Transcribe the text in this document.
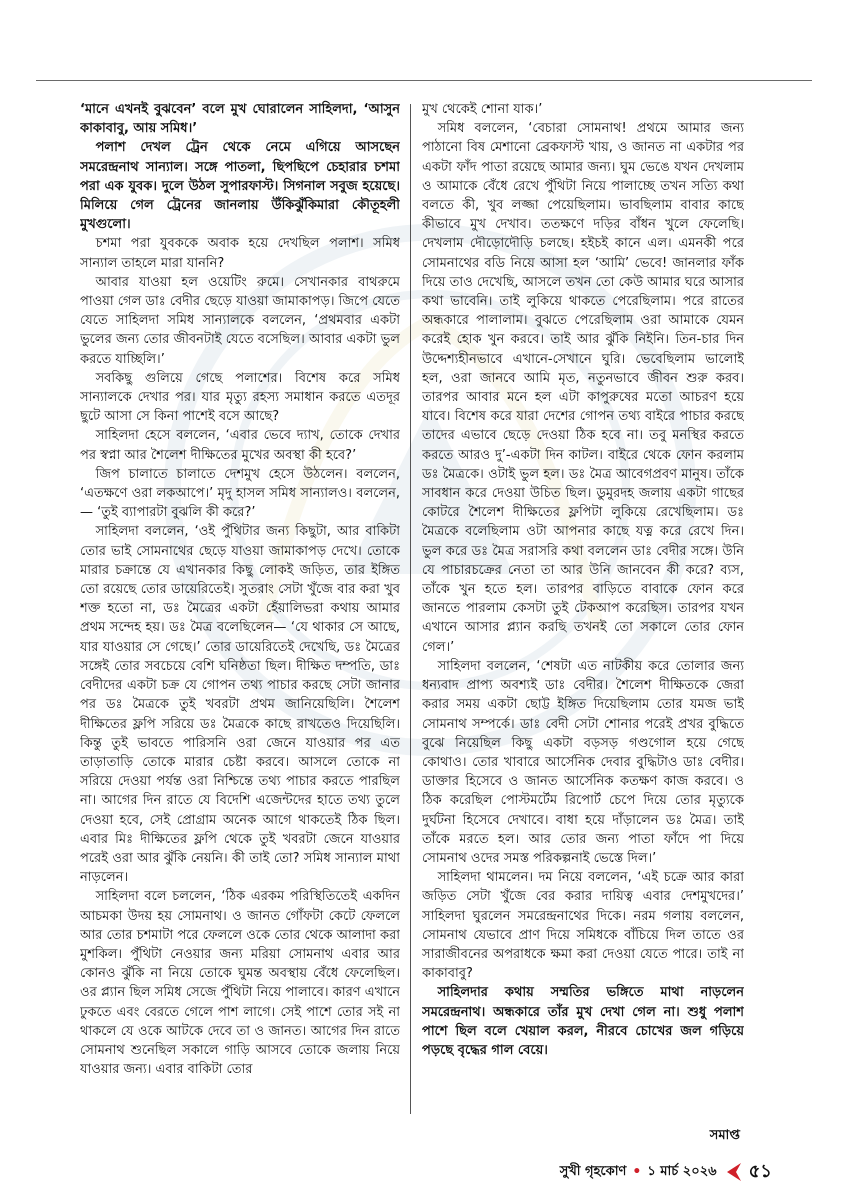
‘মানে এখনই বুঝবেন’ বলে মুখ ঘোরালেন সাহিলদা, ‘আসুন কাকাবাবু, আয় সমিধ।’

পলাশ দেখল ট্রেন থেকে নেমে এগিয়ে আসছেন সমরেন্দ্রনাথ সান্যাল। সঙ্গে পাতলা, ছিপছিপে চেহারার চশমা পরা এক যুবক। দুলে উঠল সুপারফাস্ট। সিগনাল সবুজ হয়েছে। মিলিয়ে গেল ট্রেনের জানলায় উঁকিঝুঁকিমারা কৌতূহলী মুখগুলো।

চশমা পরা যুবককে অবাক হয়ে দেখছিল পলাশ। সমিধ সান্যাল তাহলে মারা যাননি?

আবার যাওয়া হল ওয়েটিং রুমে। সেখানকার বাথরুমে পাওয়া গেল ডাঃ বেদীর ছেড়ে যাওয়া জামাকাপড়। জিপে যেতে যেতে সাহিলদা সমিধ সান্যালকে বললেন, ‘প্রথমবার একটা ভুলের জন্য তোর জীবনটাই যেতে বসেছিল। আবার একটা ভুল করতে যাচ্ছিলি।’

সবকিছু গুলিয়ে গেছে পলাশের। বিশেষ করে সমিধ সান্যালকে দেখার পর। যার মৃত্যু রহস্য সমাধান করতে এতদূর ছুটে আসা সে কিনা পাশেই বসে আছে?

সাহিলদা হেসে বললেন, ‘এবার ভেবে দ্যাখ, তোকে দেখার পর স্বপ্না আর শৈলেশ দীক্ষিতের মুখের অবস্থা কী হবে?’

জিপ চালাতে চালাতে দেশমুখ হেসে উঠলেন। বললেন, ‘এতক্ষণে ওরা লকআপে।’ মৃদু হাসল সমিধ সান্যালও। বললেন,— ‘তুই ব্যাপারটা বুঝলি কী করে?’

সাহিলদা বললেন, ‘ওই পুঁথিটার জন্য কিছুটা, আর বাকিটা তোর ভাই সোমনাথের ছেড়ে যাওয়া জামাকাপড় দেখে। তোকে মারার চক্রান্তে যে এখানকার কিছু লোকই জড়িত, তার ইঙ্গিত তো রয়েছে তোর ডায়েরিতেই। সুতরাং সেটা খুঁজে বার করা খুব শক্ত হতো না, ডঃ মৈত্রের একটা হেঁয়ালিভরা কথায় আমার প্রথম সন্দেহ হয়। ডঃ মৈত্র বলেছিলেন— ‘যে থাকার সে আছে, যার যাওয়ার সে গেছে।’ তোর ডায়েরিতেই দেখেছি, ডঃ মৈত্রের সঙ্গেই তোর সবচেয়ে বেশি ঘনিষ্ঠতা ছিল। দীক্ষিত দম্পতি, ডাঃ বেদীদের একটা চক্র যে গোপন তথ্য পাচার করছে সেটা জানার পর ডঃ মৈত্রকে তুই খবরটা প্রথম জানিয়েছিলি। শৈলেশ দীক্ষিতের ফ্লপি সরিয়ে ডঃ মৈত্রকে কাছে রাখতেও দিয়েছিলি। কিন্তু তুই ভাবতে পারিসনি ওরা জেনে যাওয়ার পর এত তাড়াতাড়ি তোকে মারার চেষ্টা করবে। আসলে তোকে না সরিয়ে দেওয়া পর্যন্ত ওরা নিশ্চিন্তে তথ্য পাচার করতে পারছিল না। আগের দিন রাতে যে বিদেশি এজেন্টদের হাতে তথ্য তুলে দেওয়া হবে, সেই প্রোগ্রাম অনেক আগে থাকতেই ঠিক ছিল। এবার মিঃ দীক্ষিতের ফ্লপি থেকে তুই খবরটা জেনে যাওয়ার পরেই ওরা আর ঝুঁকি নেয়নি। কী তাই তো? সমিধ সান্যাল মাথা নাড়লেন।

সাহিলদা বলে চললেন, ‘ঠিক এরকম পরিস্থিতিতেই একদিন আচমকা উদয় হয় সোমনাথ। ও জানত গোঁফটা কেটে ফেললে আর তোর চশমাটা পরে ফেললে ওকে তোর থেকে আলাদা করা মুশকিল। পুঁথিটা নেওয়ার জন্য মরিয়া সোমনাথ এবার আর কোনও ঝুঁকি না নিয়ে তোকে ঘুমন্ত অবস্থায় বেঁধে ফেলেছিল। ওর প্ল্যান ছিল সমিধ সেজে পুঁথিটা নিয়ে পালাবে। কারণ এখানে ঢুকতে এবং বেরতে গেলে পাশ লাগে। সেই পাশে তোর সই না থাকলে যে ওকে আটকে দেবে তা ও জানত। আগের দিন রাতে সোমনাথ শুনেছিল সকালে গাড়ি আসবে তোকে জলায় নিয়ে যাওয়ার জন্য। এবার বাকিটা তোর

মুখ থেকেই শোনা যাক।’

সমিধ বললেন, ‘বেচারা সোমনাথ! প্রথমে আমার জন্য পাঠানো বিষ মেশানো ব্রেকফাস্ট খায়, ও জানত না একটার পর একটা ফাঁদ পাতা রয়েছে আমার জন্য। ঘুম ভেঙে যখন দেখলাম ও আমাকে বেঁধে রেখে পুঁথিটা নিয়ে পালাচ্ছে তখন সত্যি কথা বলতে কী, খুব লজ্জা পেয়েছিলাম। ভাবছিলাম বাবার কাছে কীভাবে মুখ দেখাব। ততক্ষণে দড়ির বাঁধন খুলে ফেলেছি। দেখলাম দৌড়োদৌড়ি চলছে। হইচই কানে এল। এমনকী পরে সোমনাথের বডি নিয়ে আসা হল ‘আমি’ ভেবে! জানলার ফাঁক দিয়ে তাও দেখেছি, আসলে তখন তো কেউ আমার ঘরে আসার কথা ভাবেনি। তাই লুকিয়ে থাকতে পেরেছিলাম। পরে রাতের অন্ধকারে পালালাম। বুঝতে পেরেছিলাম ওরা আমাকে যেমন করেই হোক খুন করবে। তাই আর ঝুঁকি নিইনি। তিন-চার দিন উদ্দেশ্যহীনভাবে এখানে-সেখানে ঘুরি। ভেবেছিলাম ভালোই হল, ওরা জানবে আমি মৃত, নতুনভাবে জীবন শুরু করব। তারপর আবার মনে হল এটা কাপুরুষের মতো আচরণ হয়ে যাবে। বিশেষ করে যারা দেশের গোপন তথ্য বাইরে পাচার করছে তাদের এভাবে ছেড়ে দেওয়া ঠিক হবে না। তবু মনস্থির করতে করতে আরও দু’-একটা দিন কাটল। বাইরে থেকে ফোন করলাম ডঃ মৈত্রকে। ওটাই ভুল হল। ডঃ মৈত্র আবেগপ্রবণ মানুষ। তাঁকে সাবধান করে দেওয়া উচিত ছিল। ডুমুরদহ জলায় একটা গাছের কোটরে শৈলেশ দীক্ষিতের ফ্লপিটা লুকিয়ে রেখেছিলাম। ডঃ মৈত্রকে বলেছিলাম ওটা আপনার কাছে যত্ন করে রেখে দিন। ভুল করে ডঃ মৈত্র সরাসরি কথা বললেন ডাঃ বেদীর সঙ্গে। উনি যে পাচারচক্রের নেতা তা আর উনি জানবেন কী করে? ব্যস, তাঁকে খুন হতে হল। তারপর বাড়িতে বাবাকে ফোন করে জানতে পারলাম কেসটা তুই টেকআপ করেছিস। তারপর যখন এখানে আসার প্ল্যান করছি তখনই তো সকালে তোর ফোন গেল।’

সাহিলদা বললেন, ‘শেষটা এত নাটকীয় করে তোলার জন্য ধন্যবাদ প্রাপ্য অবশ্যই ডাঃ বেদীর। শৈলেশ দীক্ষিতকে জেরা করার সময় একটা ছোট্ট ইঙ্গিত দিয়েছিলাম তোর যমজ ভাই সোমনাথ সম্পর্কে। ডাঃ বেদী সেটা শোনার পরেই প্রখর বুদ্ধিতে বুঝে নিয়েছিল কিছু একটা বড়সড় গণ্ডগোল হয়ে গেছে কোথাও। তোর খাবারে আর্সেনিক দেবার বুদ্ধিটাও ডাঃ বেদীর। ডাক্তার হিসেবে ও জানত আর্সেনিক কতক্ষণ কাজ করবে। ও ঠিক করেছিল পোস্টমর্টেম রিপোর্ট চেপে দিয়ে তোর মৃত্যুকে দুর্ঘটনা হিসেবে দেখাবে। বাধা হয়ে দাঁড়ালেন ডঃ মৈত্র। তাই তাঁকে মরতে হল। আর তোর জন্য পাতা ফাঁদে পা দিয়ে সোমনাথ ওদের সমস্ত পরিকল্পনাই ভেস্তে দিল।’

সাহিলদা থামলেন। দম নিয়ে বললেন, ‘এই চক্রে আর কারা জড়িত সেটা খুঁজে বের করার দায়িত্ব এবার দেশমুখদের।’ সাহিলদা ঘুরলেন সমরেন্দ্রনাথের দিকে। নরম গলায় বললেন, সোমনাথ যেভাবে প্রাণ দিয়ে সমিধকে বাঁচিয়ে দিল তাতে ওর সারাজীবনের অপরাধকে ক্ষমা করা দেওয়া যেতে পারে। তাই না কাকাবাবু?

সাহিলদার কথায় সম্মতির ভঙ্গিতে মাথা নাড়লেন সমরেন্দ্রনাথ। অন্ধকারে তাঁর মুখ দেখা গেল না। শুধু পলাশ পাশে ছিল বলে খেয়াল করল, নীরবে চোখের জল গড়িয়ে পড়ছে বৃদ্ধের গাল বেয়ে।

সমাপ্ত
সুখী গৃহকোণ • ১ মার্চ ২০২৬ ৫১
